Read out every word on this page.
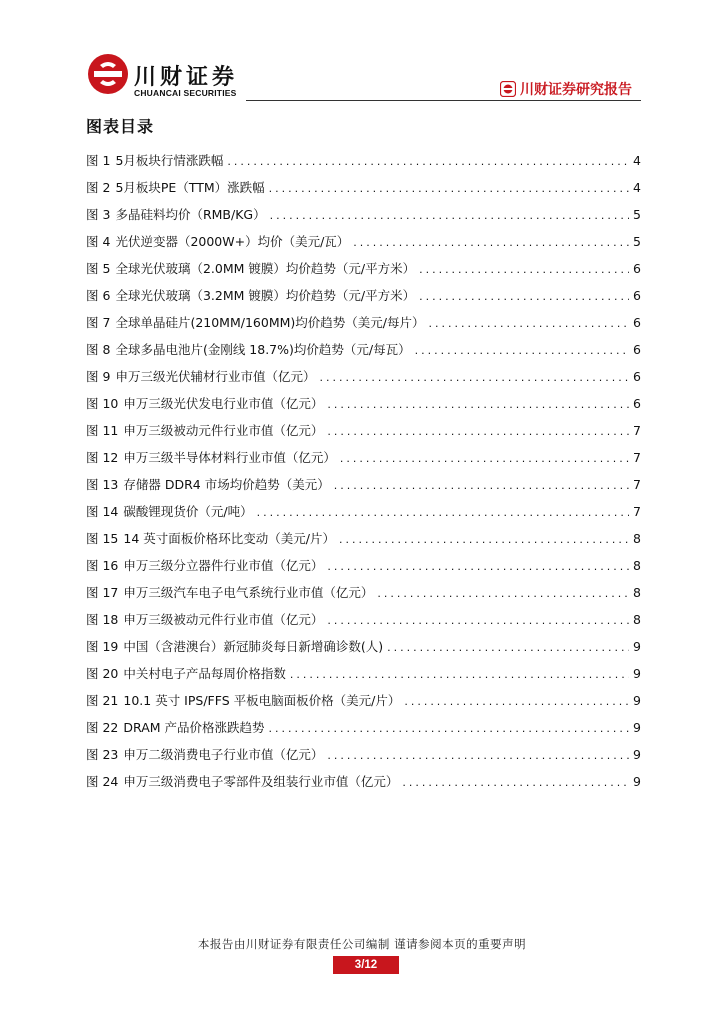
川财证券
CHUANCAI SECURITIES	川财证券研究报告
图表目录
图 1 5月板块行情涨跌幅 .....	4
图 2 5月板块PE（TTM）涨跌幅 .....	4
图 3 多晶硅料均价（RMB/KG） .....	5
图 4 光伏逆变器（2000W+）均价（美元/瓦） .....	5
图 5 全球光伏玻璃（2.0MM 镀膜）均价趋势（元/平方米） .....	6
图 6 全球光伏玻璃（3.2MM 镀膜）均价趋势（元/平方米） .....	6
图 7 全球单晶硅片(210MM/160MM)均价趋势（美元/每片） .....	6
图 8 全球多晶电池片(金刚线 18.7%)均价趋势（元/每瓦） .....	6
图 9 申万三级光伏辅材行业市值（亿元） .....	6
图 10 申万三级光伏发电行业市值（亿元） .....	6
图 11 申万三级被动元件行业市值（亿元） .....	7
图 12 申万三级半导体材料行业市值（亿元） .....	7
图 13 存储器 DDR4 市场均价趋势（美元） .....	7
图 14 碳酸锂现货价（元/吨） .....	7
图 15 14 英寸面板价格环比变动（美元/片） .....	8
图 16 申万三级分立器件行业市值（亿元） .....	8
图 17 申万三级汽车电子电气系统行业市值（亿元） .....	8
图 18 申万三级被动元件行业市值（亿元） .....	8
图 19 中国（含港澳台）新冠肺炎每日新增确诊数(人) .....	9
图 20 中关村电子产品每周价格指数 .....	9
图 21 10.1 英寸 IPS/FFS 平板电脑面板价格（美元/片） .....	9
图 22 DRAM 产品价格涨跌趋势 .....	9
图 23 申万二级消费电子行业市值（亿元） .....	9
图 24 申万三级消费电子零部件及组装行业市值（亿元） .....	9
本报告由川财证券有限责任公司编制 谨请参阅本页的重要声明
3/12
